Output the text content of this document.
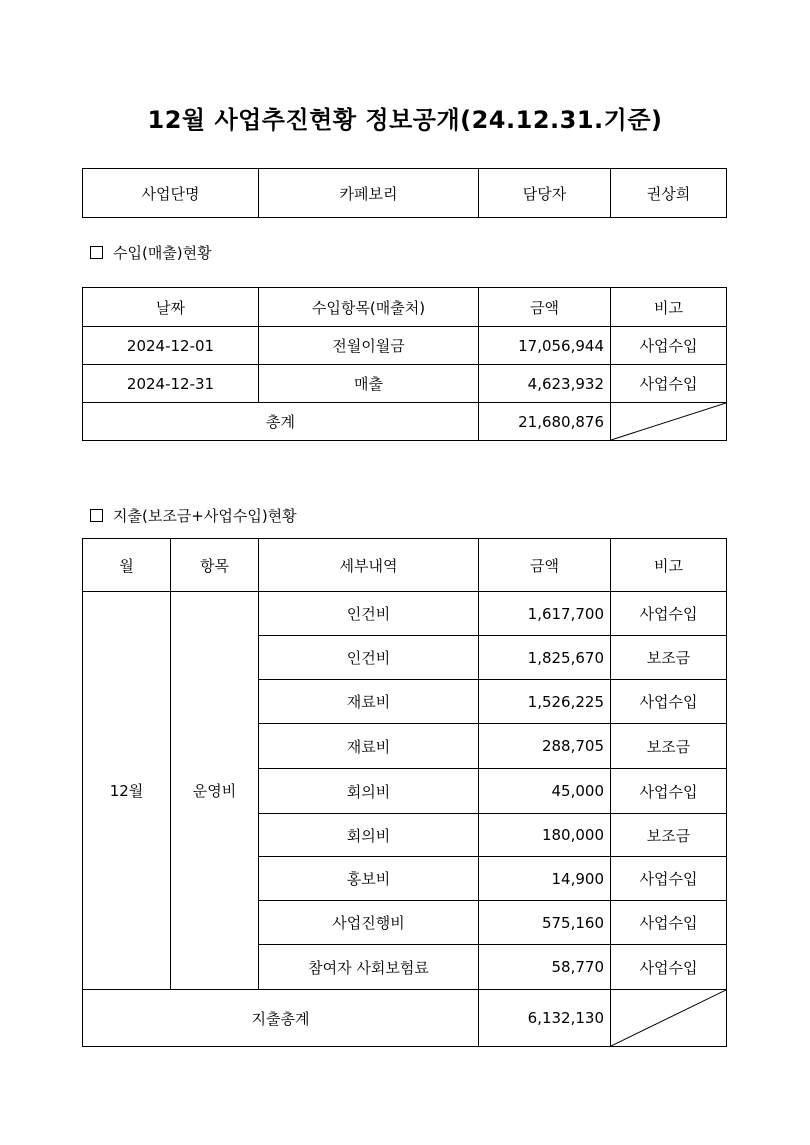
12월 사업추진현황 정보공개(24.12.31.기준)
사업단명	카페보리	담당자	권상희
수입(매출)현황
날짜	수입항목(매출처)	금액	비고
2024-12-01	전월이월금	17,056,944	사업수입
2024-12-31	매출	4,623,932	사업수입
총계		21,680,876	
지출(보조금+사업수입)현황
월	항목	세부내역	금액	비고
12월	운영비	인건비	1,617,700	사업수입
		인건비	1,825,670	보조금
		재료비	1,526,225	사업수입
		재료비	288,705	보조금
		회의비	45,000	사업수입
		회의비	180,000	보조금
		홍보비	14,900	사업수입
		사업진행비	575,160	사업수입
		참여자 사회보험료	58,770	사업수입
지출총계			6,132,130	
